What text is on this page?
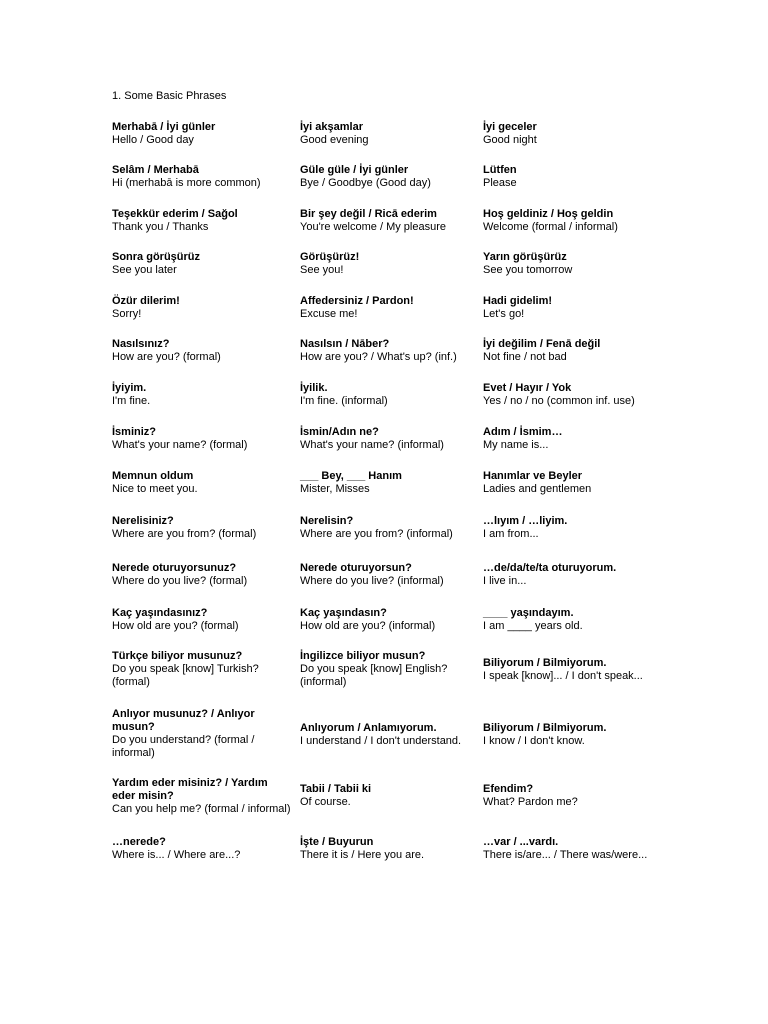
1. Some Basic Phrases
Merhabā / İyi günler
Hello / Good day
İyi akşamlar
Good evening
İyi geceler
Good night
Selâm / Merhabā
Hi (merhabā is more common)
Güle güle / İyi günler
Bye / Goodbye (Good day)
Lütfen
Please
Teşekkür ederim / Sağol
Thank you / Thanks
Bir şey değil / Ricā ederim
You're welcome / My pleasure
Hoş geldiniz / Hoş geldin
Welcome (formal / informal)
Sonra görüşürüz
See you later
Görüşürüz!
See you!
Yarın görüşürüz
See you tomorrow
Özür dilerim!
Sorry!
Affedersiniz / Pardon!
Excuse me!
Hadi gidelim!
Let's go!
Nasılsınız?
How are you? (formal)
Nasılsın / Nāber?
How are you? / What's up? (inf.)
İyi değilim / Fenā değil
Not fine / not bad
İyiyim.
I'm fine.
İyilik.
I'm fine. (informal)
Evet / Hayır / Yok
Yes / no / no (common inf. use)
İsminiz?
What's your name? (formal)
İsmin/Adın ne?
What's your name? (informal)
Adım / İsmim…
My name is...
Memnun oldum
Nice to meet you.
___ Bey, ___ Hanım
Mister, Misses
Hanımlar ve Beyler
Ladies and gentlemen
Nerelisiniz?
Where are you from? (formal)
Nerelisin?
Where are you from? (informal)
…lıyım / …liyim.
I am from...
Nerede oturuyorsunuz?
Where do you live? (formal)
Nerede oturuyorsun?
Where do you live? (informal)
…de/da/te/ta oturuyorum.
I live in...
Kaç yaşındasınız?
How old are you? (formal)
Kaç yaşındasın?
How old are you? (informal)
____ yaşındayım.
I am ____ years old.
Türkçe biliyor musunuz?
Do you speak [know] Turkish? (formal)
İngilizce biliyor musun?
Do you speak [know] English? (informal)
Biliyorum / Bilmiyorum.
I speak [know]... / I don't speak...
Anlıyor musunuz? / Anlıyor musun?
Do you understand? (formal / informal)
Anlıyorum / Anlamıyorum.
I understand / I don't understand.
Biliyorum / Bilmiyorum.
I know / I don't know.
Yardım eder misiniz? / Yardım eder misin?
Can you help me? (formal / informal)
Tabii / Tabii ki
Of course.
Efendim?
What? Pardon me?
…nerede?
Where is... / Where are...?
İşte / Buyurun
There it is / Here you are.
…var / ...vardı.
There is/are... / There was/were...
